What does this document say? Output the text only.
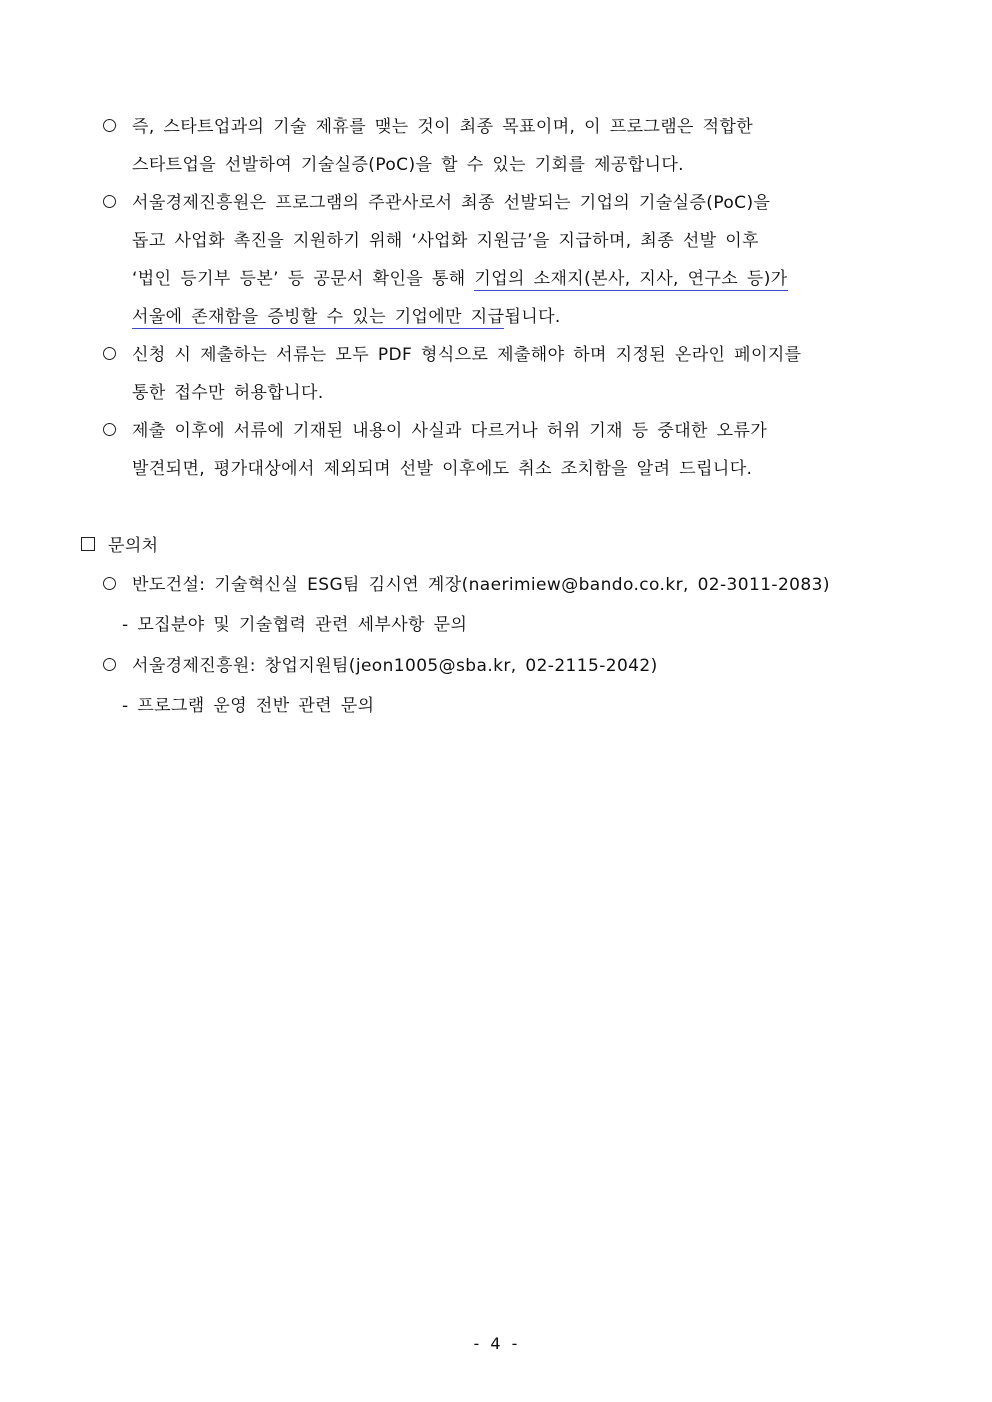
즉, 스타트업과의 기술 제휴를 맺는 것이 최종 목표이며, 이 프로그램은 적합한
스타트업을 선발하여 기술실증(PoC)을 할 수 있는 기회를 제공합니다.
서울경제진흥원은 프로그램의 주관사로서 최종 선발되는 기업의 기술실증(PoC)을
돕고 사업화 촉진을 지원하기 위해 ‘사업화 지원금’을 지급하며, 최종 선발 이후
‘법인 등기부 등본’ 등 공문서 확인을 통해 기업의 소재지(본사, 지사, 연구소 등)가
서울에 존재함을 증빙할 수 있는 기업에만 지급됩니다.
신청 시 제출하는 서류는 모두 PDF 형식으로 제출해야 하며 지정된 온라인 페이지를
통한 접수만 허용합니다.
제출 이후에 서류에 기재된 내용이 사실과 다르거나 허위 기재 등 중대한 오류가
발견되면, 평가대상에서 제외되며 선발 이후에도 취소 조치함을 알려 드립니다.
문의처
반도건설: 기술혁신실 ESG팀 김시연 계장(naerimiew@bando.co.kr, 02-3011-2083)
- 모집분야 및 기술협력 관련 세부사항 문의
서울경제진흥원: 창업지원팀(jeon1005@sba.kr, 02-2115-2042)
- 프로그램 운영 전반 관련 문의
- 4 -
